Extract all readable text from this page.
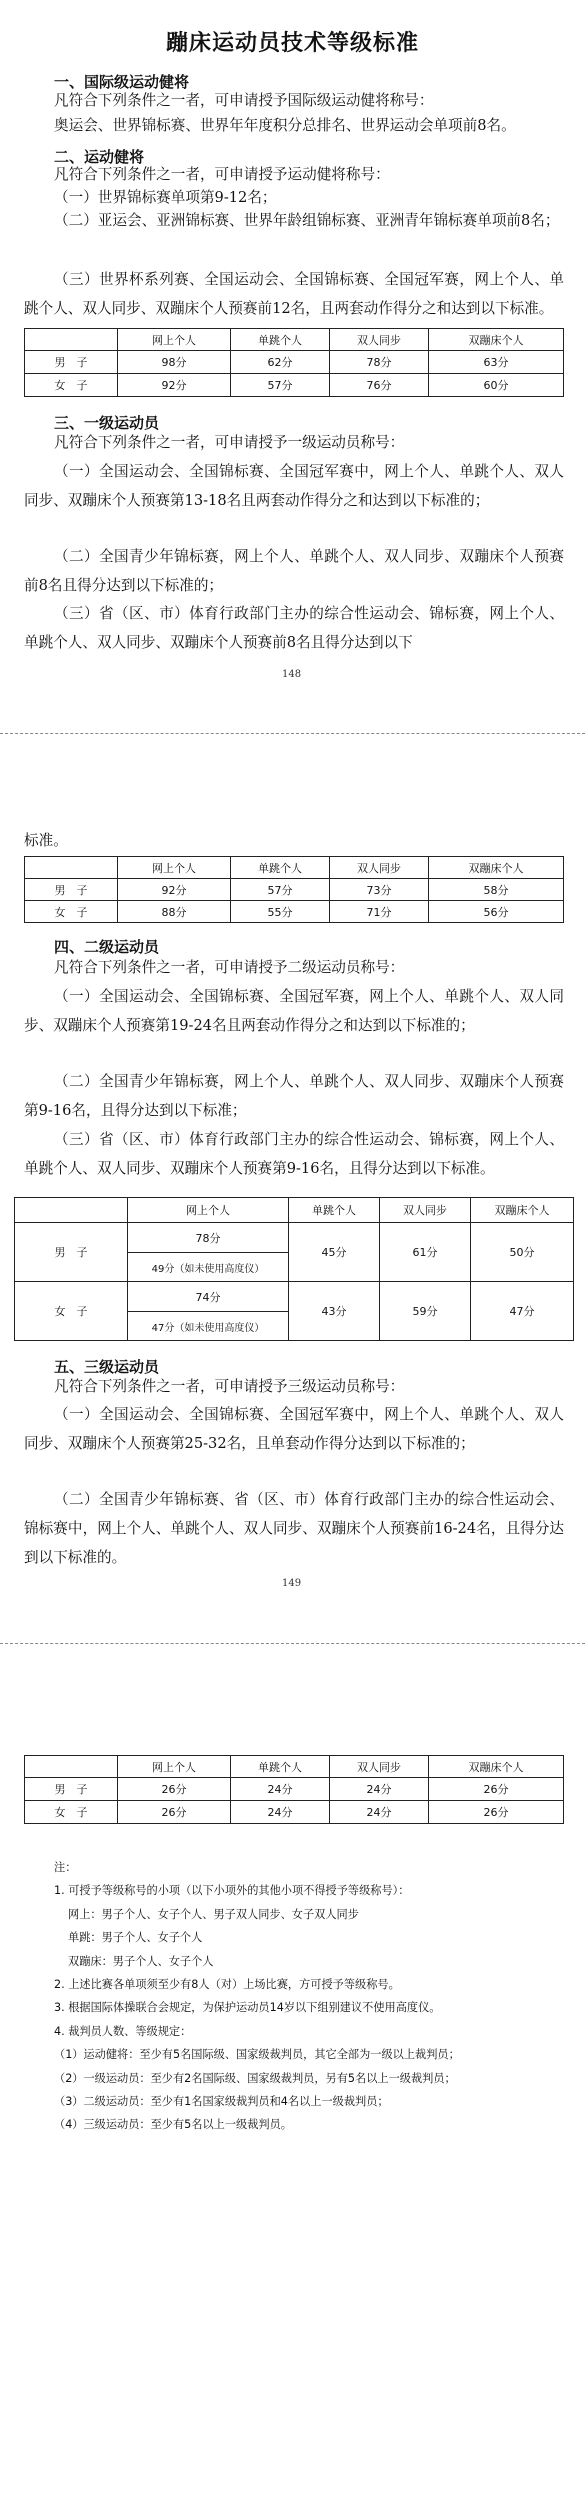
蹦床运动员技术等级标准
一、国际级运动健将
凡符合下列条件之一者，可申请授予国际级运动健将称号：
奥运会、世界锦标赛、世界年年度积分总排名、世界运动会单项前8名。
二、运动健将
凡符合下列条件之一者，可申请授予运动健将称号：
（一）世界锦标赛单项第9-12名；
（二）亚运会、亚洲锦标赛、世界年龄组锦标赛、亚洲青年锦标赛单项前8名；
（三）世界杯系列赛、全国运动会、全国锦标赛、全国冠军赛，网上个人、单跳个人、双人同步、双蹦床个人预赛前12名，且两套动作得分之和达到以下标准。
	网上个人	单跳个人	双人同步	双蹦床个人
男　子	98分	62分	78分	63分
女　子	92分	57分	76分	60分
三、一级运动员
凡符合下列条件之一者，可申请授予一级运动员称号：
（一）全国运动会、全国锦标赛、全国冠军赛中，网上个人、单跳个人、双人同步、双蹦床个人预赛第13-18名且两套动作得分之和达到以下标准的；
（二）全国青少年锦标赛，网上个人、单跳个人、双人同步、双蹦床个人预赛前8名且得分达到以下标准的；
（三）省（区、市）体育行政部门主办的综合性运动会、锦标赛，网上个人、单跳个人、双人同步、双蹦床个人预赛前8名且得分达到以下
148
标准。
	网上个人	单跳个人	双人同步	双蹦床个人
男　子	92分	57分	73分	58分
女　子	88分	55分	71分	56分
四、二级运动员
凡符合下列条件之一者，可申请授予二级运动员称号：
（一）全国运动会、全国锦标赛、全国冠军赛，网上个人、单跳个人、双人同步、双蹦床个人预赛第19-24名且两套动作得分之和达到以下标准的；
（二）全国青少年锦标赛，网上个人、单跳个人、双人同步、双蹦床个人预赛第9-16名，且得分达到以下标准；
（三）省（区、市）体育行政部门主办的综合性运动会、锦标赛，网上个人、单跳个人、双人同步、双蹦床个人预赛第9-16名，且得分达到以下标准。
	网上个人	单跳个人	双人同步	双蹦床个人
男　子	78分	45分	61分	50分
	49分（如未使用高度仪）			
女　子	74分	43分	59分	47分
	47分（如未使用高度仪）			
五、三级运动员
凡符合下列条件之一者，可申请授予三级运动员称号：
（一）全国运动会、全国锦标赛、全国冠军赛中，网上个人、单跳个人、双人同步、双蹦床个人预赛第25-32名，且单套动作得分达到以下标准的；
（二）全国青少年锦标赛、省（区、市）体育行政部门主办的综合性运动会、锦标赛中，网上个人、单跳个人、双人同步、双蹦床个人预赛前16-24名，且得分达到以下标准的。
149
	网上个人	单跳个人	双人同步	双蹦床个人
男　子	26分	24分	24分	26分
女　子	26分	24分	24分	26分
注：
1. 可授予等级称号的小项（以下小项外的其他小项不得授予等级称号）：
网上：男子个人、女子个人、男子双人同步、女子双人同步
单跳：男子个人、女子个人
双蹦床：男子个人、女子个人
2. 上述比赛各单项须至少有8人（对）上场比赛，方可授予等级称号。
3. 根据国际体操联合会规定，为保护运动员14岁以下组别建议不使用高度仪。
4. 裁判员人数、等级规定：
（1）运动健将：至少有5名国际级、国家级裁判员，其它全部为一级以上裁判员；
（2）一级运动员：至少有2名国际级、国家级裁判员，另有5名以上一级裁判员；
（3）二级运动员：至少有1名国家级裁判员和4名以上一级裁判员；
（4）三级运动员：至少有5名以上一级裁判员。
